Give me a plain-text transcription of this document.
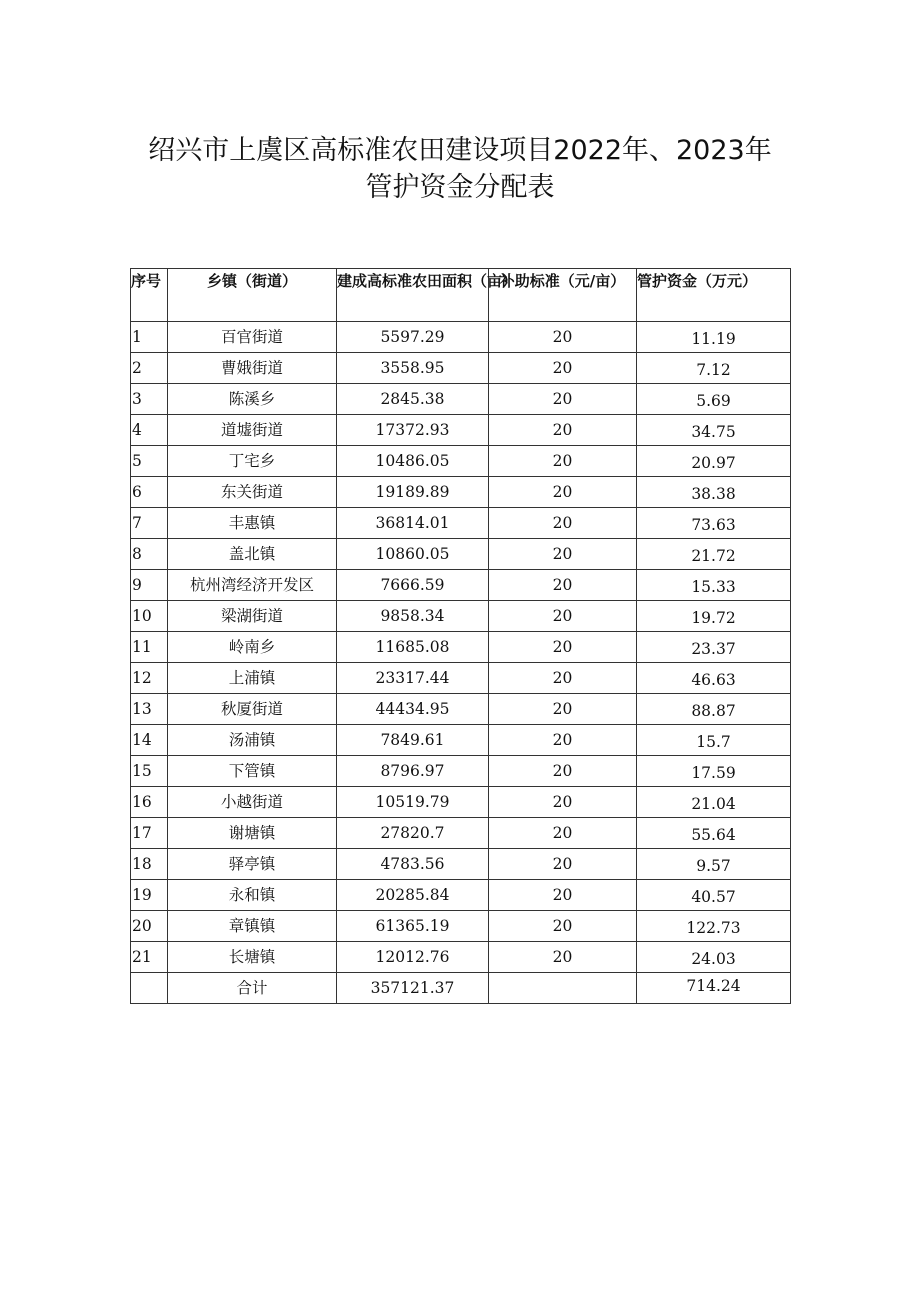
绍兴市上虞区高标准农田建设项目2022年、2023年
管护资金分配表
序号	乡镇（街道）	建成高标准农田面积（亩）	补助标准（元/亩）	管护资金（万元）
1	百官街道	5597.29	20	11.19
2	曹娥街道	3558.95	20	7.12
3	陈溪乡	2845.38	20	5.69
4	道墟街道	17372.93	20	34.75
5	丁宅乡	10486.05	20	20.97
6	东关街道	19189.89	20	38.38
7	丰惠镇	36814.01	20	73.63
8	盖北镇	10860.05	20	21.72
9	杭州湾经济开发区	7666.59	20	15.33
10	梁湖街道	9858.34	20	19.72
11	岭南乡	11685.08	20	23.37
12	上浦镇	23317.44	20	46.63
13	秋厦街道	44434.95	20	88.87
14	汤浦镇	7849.61	20	15.7
15	下管镇	8796.97	20	17.59
16	小越街道	10519.79	20	21.04
17	谢塘镇	27820.7	20	55.64
18	驿亭镇	4783.56	20	9.57
19	永和镇	20285.84	20	40.57
20	章镇镇	61365.19	20	122.73
21	长塘镇	12012.76	20	24.03
	合计	357121.37		714.24
